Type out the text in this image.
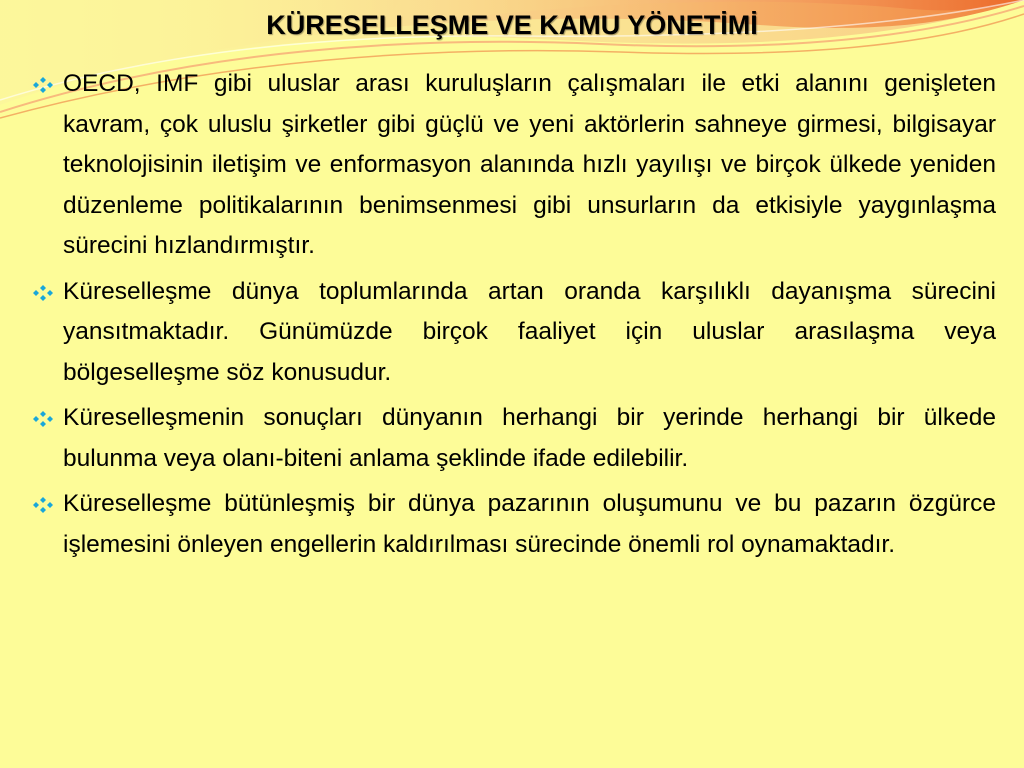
KÜRESELLEŞME VE KAMU YÖNETİMİ
OECD, IMF gibi uluslar arası kuruluşların çalışmaları ile etki alanını genişleten kavram, çok uluslu şirketler gibi güçlü ve yeni aktörlerin sahneye girmesi, bilgisayar teknolojisinin iletişim ve enformasyon alanında hızlı yayılışı ve birçok ülkede yeniden düzenleme politikalarının benimsenmesi gibi unsurların da etkisiyle yaygınlaşma sürecini hızlandırmıştır.
Küreselleşme dünya toplumlarında artan oranda karşılıklı dayanışma sürecini yansıtmaktadır. Günümüzde birçok faaliyet için uluslar arasılaşma veya bölgeselleşme söz konusudur.
Küreselleşmenin sonuçları dünyanın herhangi bir yerinde herhangi bir ülkede bulunma veya olanı-biteni anlama şeklinde ifade edilebilir.
Küreselleşme bütünleşmiş bir dünya pazarının oluşumunu ve bu pazarın özgürce işlemesini önleyen engellerin kaldırılması sürecinde önemli rol oynamaktadır.
